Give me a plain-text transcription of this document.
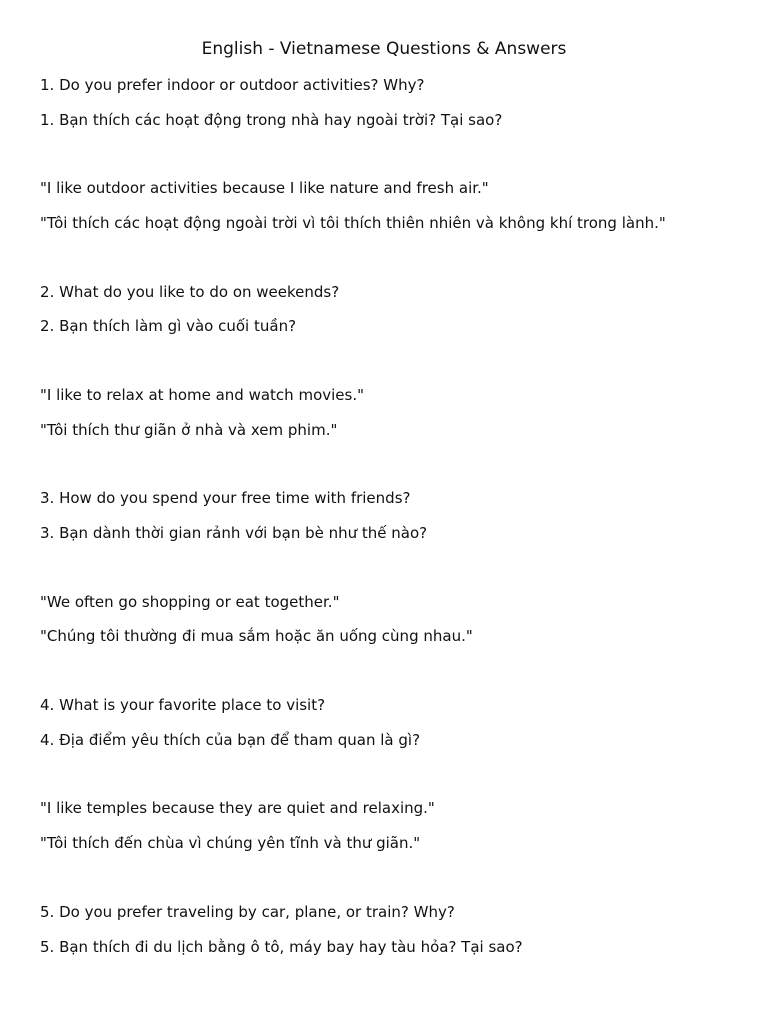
English - Vietnamese Questions & Answers
1. Do you prefer indoor or outdoor activities? Why?
1. Bạn thích các hoạt động trong nhà hay ngoài trời? Tại sao?
"I like outdoor activities because I like nature and fresh air."
"Tôi thích các hoạt động ngoài trời vì tôi thích thiên nhiên và không khí trong lành."
2. What do you like to do on weekends?
2. Bạn thích làm gì vào cuối tuần?
"I like to relax at home and watch movies."
"Tôi thích thư giãn ở nhà và xem phim."
3. How do you spend your free time with friends?
3. Bạn dành thời gian rảnh với bạn bè như thế nào?
"We often go shopping or eat together."
"Chúng tôi thường đi mua sắm hoặc ăn uống cùng nhau."
4. What is your favorite place to visit?
4. Địa điểm yêu thích của bạn để tham quan là gì?
"I like temples because they are quiet and relaxing."
"Tôi thích đến chùa vì chúng yên tĩnh và thư giãn."
5. Do you prefer traveling by car, plane, or train? Why?
5. Bạn thích đi du lịch bằng ô tô, máy bay hay tàu hỏa? Tại sao?
